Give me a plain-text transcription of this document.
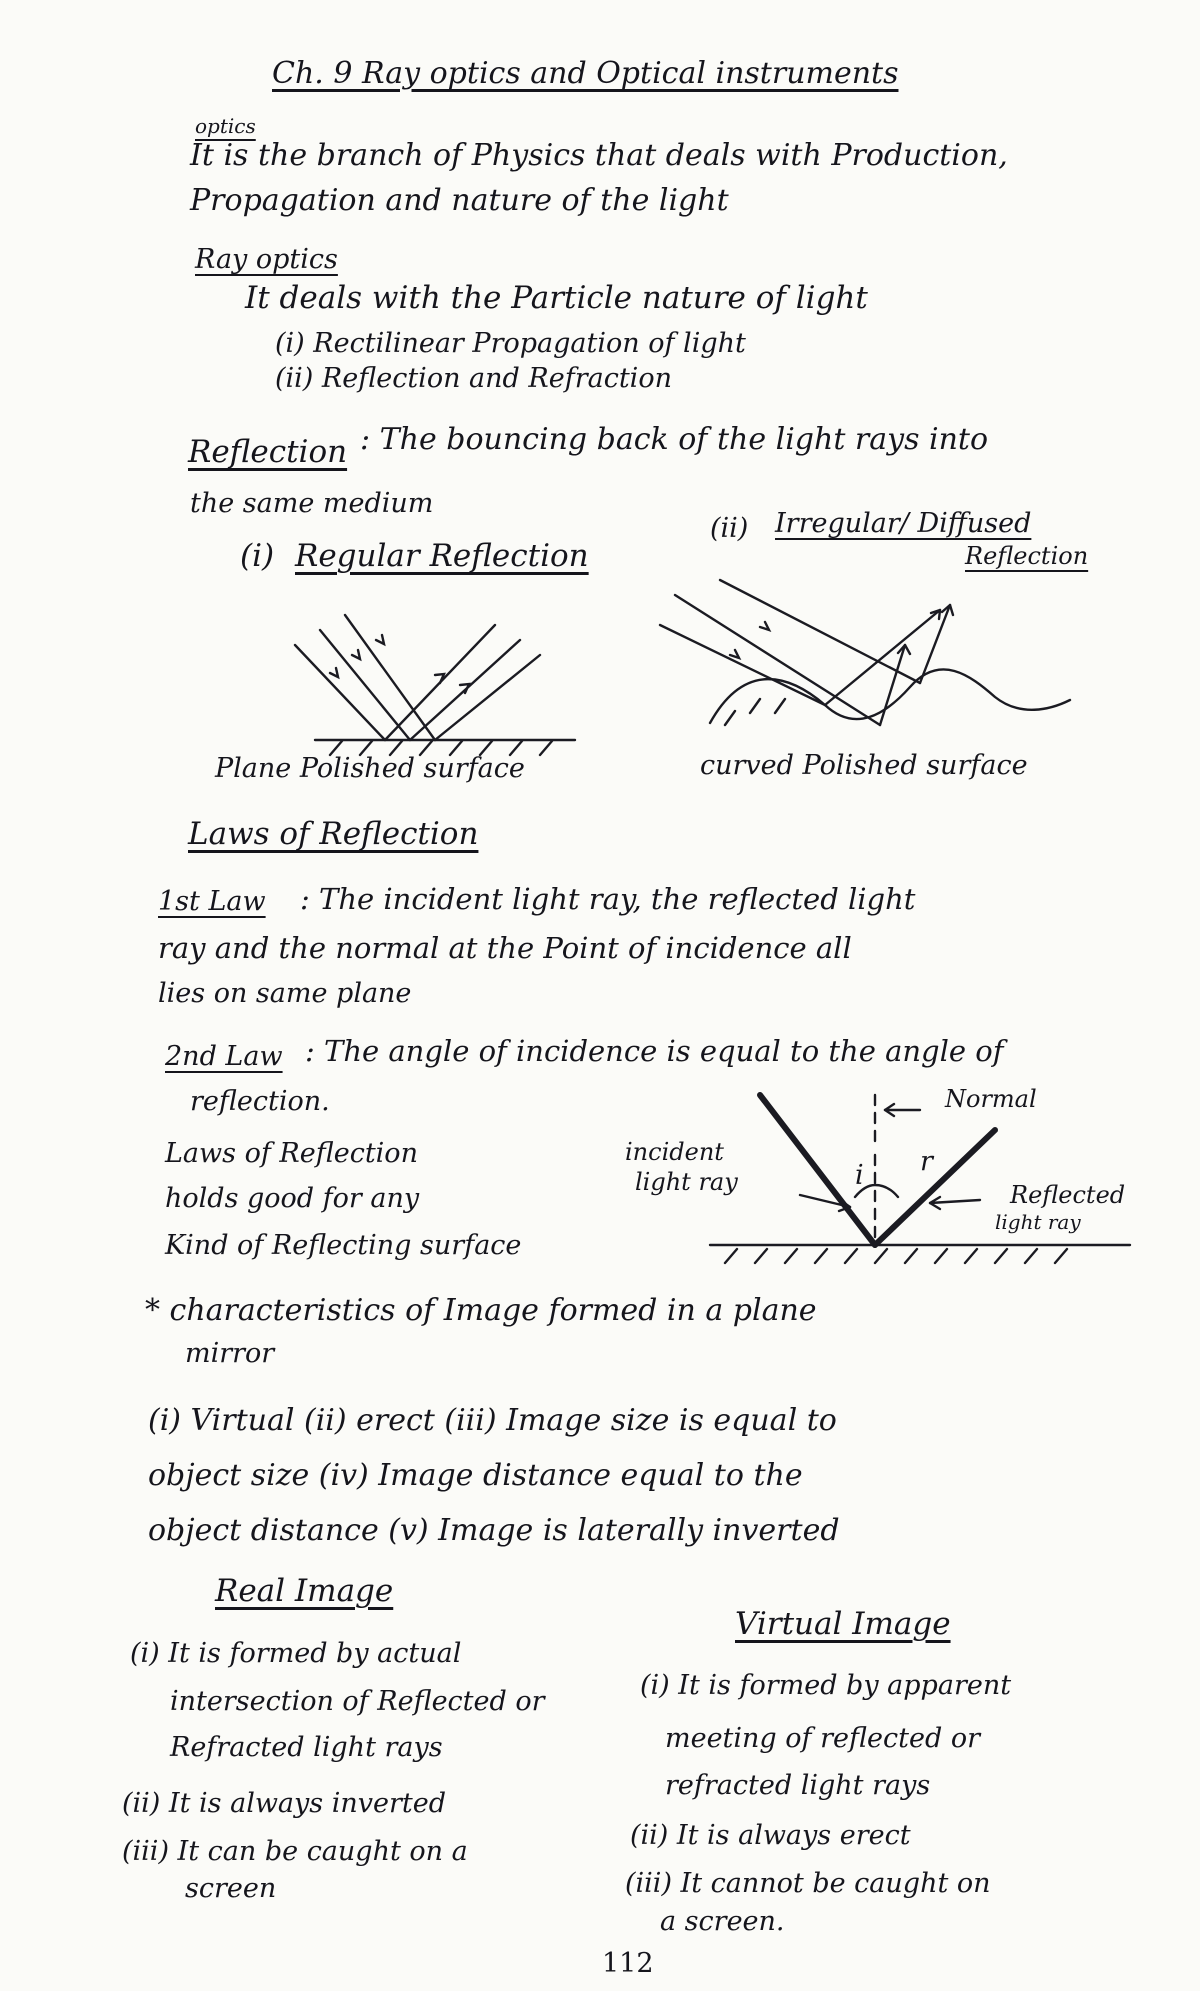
Ch. 9 Ray optics and Optical instruments
optics
It is the branch of Physics that deals with Production,
Propagation and nature of the light
Ray optics
It deals with the Particle nature of light
(i) Rectilinear Propagation of light
(ii) Reflection and Refraction
Reflection : The bouncing back of the light rays into
the same medium
(i) Regular Reflection
(ii) Irregular/ Diffused
Reflection
Plane Polished surface	curved Polished surface
Laws of Reflection
1st Law : The incident light ray, the reflected light
ray and the normal at the Point of incidence all
lies on same plane
2nd Law : The angle of incidence is equal to the angle of
reflection.
Laws of Reflection
holds good for any
Kind of Reflecting surface
Normal
i r
incident
light ray	Reflected
light ray
* characteristics of Image formed in a plane
mirror
(i) Virtual (ii) erect (iii) Image size is equal to
object size (iv) Image distance equal to the
object distance (v) Image is laterally inverted
Real Image
Virtual Image
(i) It is formed by actual
intersection of Reflected or
Refracted light rays
(ii) It is always inverted
(iii) It can be caught on a
screen
(i) It is formed by apparent
meeting of reflected or
refracted light rays
(ii) It is always erect
(iii) It cannot be caught on
a screen.
112
